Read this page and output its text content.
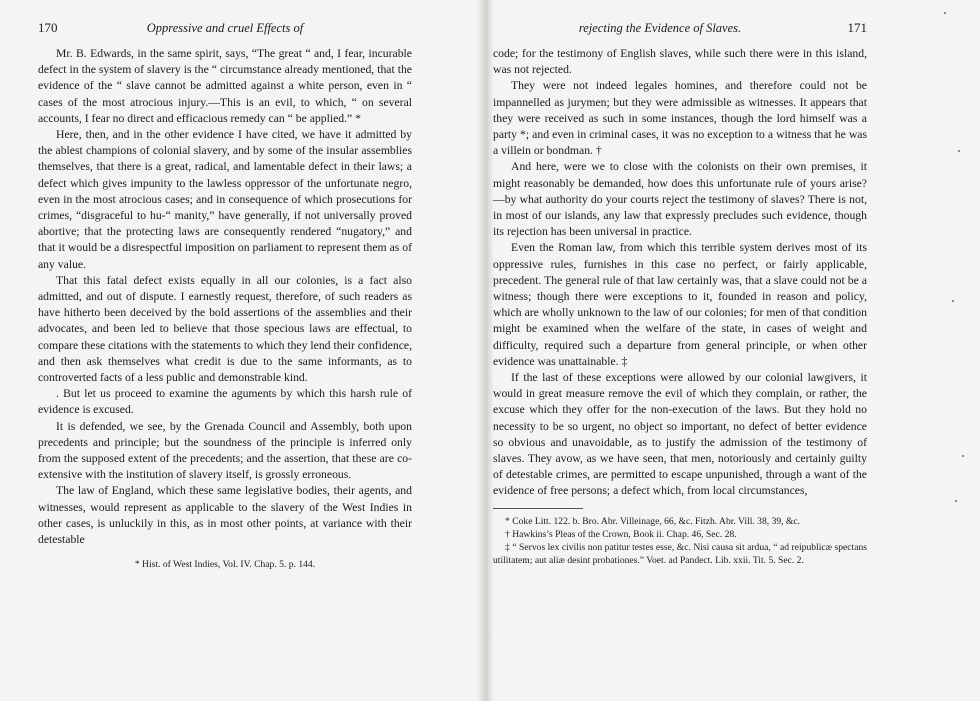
170	Oppressive and cruel Effects of

Mr. B. Edwards, in the same spirit, says, “The great “ and, I fear, incurable defect in the system of slavery is the “ circumstance already mentioned, that the evidence of the “ slave cannot be admitted against a white person, even in “ cases of the most atrocious injury.—This is an evil, to which, “ on several accounts, I fear no direct and efficacious remedy can “ be applied.” *

Here, then, and in the other evidence I have cited, we have it admitted by the ablest champions of colonial slavery, and by some of the insular assemblies themselves, that there is a great, radical, and lamentable defect in their laws; a defect which gives impunity to the lawless oppressor of the unfortunate negro, even in the most atrocious cases; and in consequence of which prosecutions for crimes, “disgraceful to hu-“ manity,” have generally, if not universally proved abortive; that the protecting laws are consequently rendered “nugatory,” and that it would be a disrespectful imposition on parliament to represent them as of any value.

That this fatal defect exists equally in all our colonies, is a fact also admitted, and out of dispute. I earnestly request, therefore, of such readers as have hitherto been deceived by the bold assertions of the assemblies and their advocates, and been led to believe that those specious laws are effectual, to compare these citations with the statements to which they lend their confidence, and then ask themselves what credit is due to the same informants, as to controverted facts of a less public and demonstrable kind.

. But let us proceed to examine the aguments by which this harsh rule of evidence is excused.

It is defended, we see, by the Grenada Council and Assembly, both upon precedents and principle; but the soundness of the principle is inferred only from the supposed extent of the precedents; and the assertion, that these are co-extensive with the institution of slavery itself, is grossly erroneous.

The law of England, which these same legislative bodies, their agents, and witnesses, would represent as applicable to the slavery of the West Indies in other cases, is unluckily in this, as in most other points, at variance with their detestable

* Hist. of West Indies, Vol. IV. Chap. 5. p. 144.

rejecting the Evidence of Slaves.	171

code; for the testimony of English slaves, while such there were in this island, was not rejected.

They were not indeed legales homines, and therefore could not be impannelled as jurymen; but they were admissible as witnesses. It appears that they were received as such in some instances, though the lord himself was a party *; and even in criminal cases, it was no exception to a witness that he was a villein or bondman. †

And here, were we to close with the colonists on their own premises, it might reasonably be demanded, how does this unfortunate rule of yours arise?—by what authority do your courts reject the testimony of slaves? There is not, in most of our islands, any law that expressly precludes such evidence, though its rejection has been universal in practice.

Even the Roman law, from which this terrible system derives most of its oppressive rules, furnishes in this case no perfect, or fairly applicable, precedent. The general rule of that law certainly was, that a slave could not be a witness; though there were exceptions to it, founded in reason and policy, which are wholly unknown to the law of our colonies; for men of that condition might be examined when the welfare of the state, in cases of weight and difficulty, required such a departure from general principle, or when other evidence was unattainable. ‡

If the last of these exceptions were allowed by our colonial lawgivers, it would in great measure remove the evil of which they complain, or rather, the excuse which they offer for the non-execution of the laws. But they hold no necessity to be so urgent, no object so important, no defect of better evidence so obvious and unavoidable, as to justify the admission of the testimony of slaves. They avow, as we have seen, that men, notoriously and certainly guilty of detestable crimes, are permitted to escape unpunished, through a want of the evidence of free persons; a defect which, from local circumstances,

* Coke Litt. 122. b. Bro. Abr. Villeinage, 66, &c. Fitzh. Abr. Vill. 38, 39, &c.

† Hawkins’s Pleas of the Crown, Book ii. Chap. 46, Sec. 28.

‡ “ Servos lex civilis non patitur testes esse, &c. Nisi causa sit ardua, “ ad reipublicæ spectans utilitatem; aut aliæ desint probationes.” Voet. ad Pandect. Lib. xxii. Tit. 5. Sec. 2.
